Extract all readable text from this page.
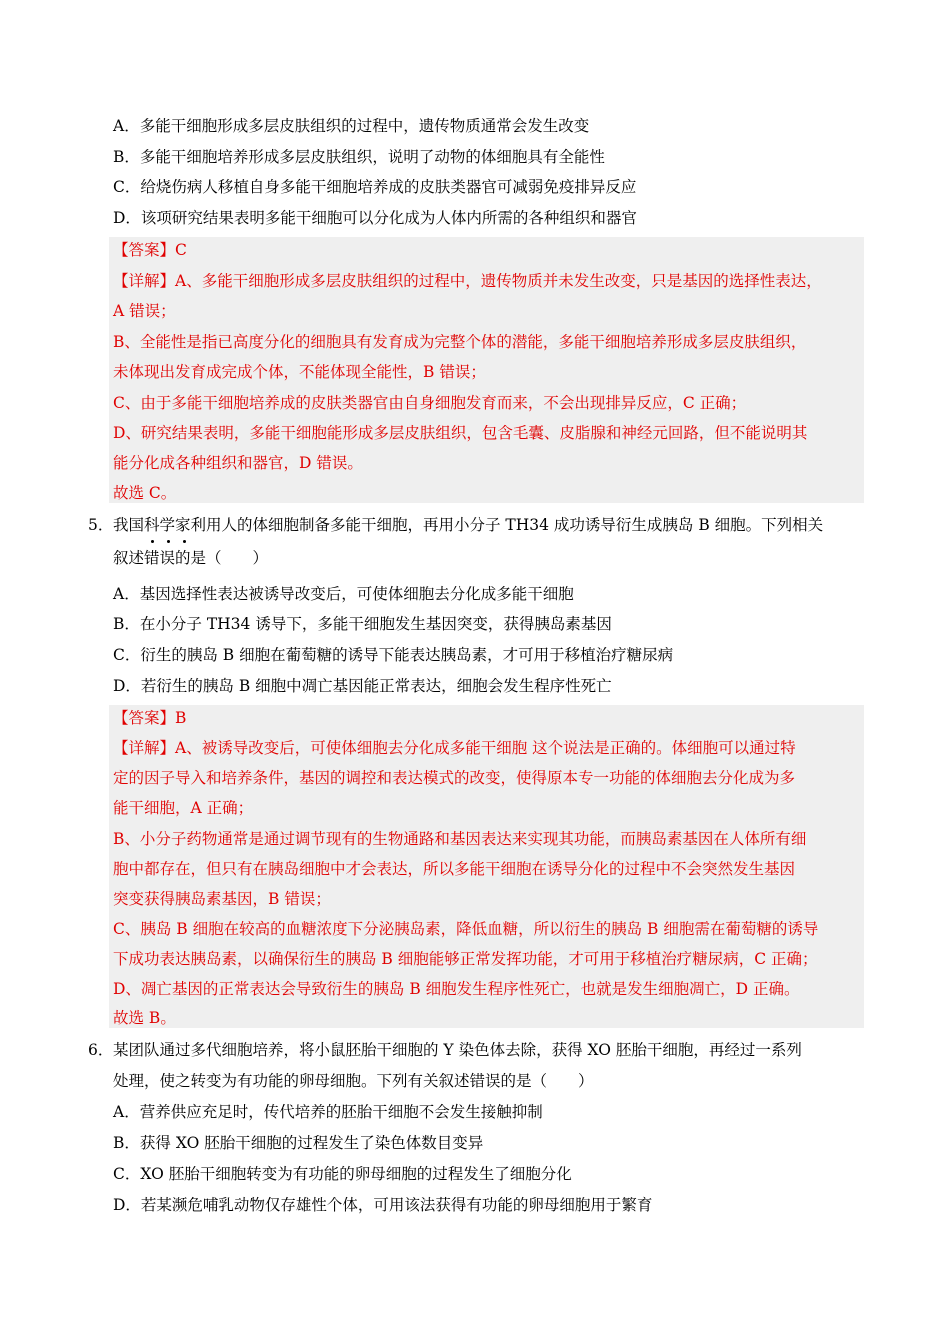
A．多能干细胞形成多层皮肤组织的过程中，遗传物质通常会发生改变
B．多能干细胞培养形成多层皮肤组织，说明了动物的体细胞具有全能性
C．给烧伤病人移植自身多能干细胞培养成的皮肤类器官可减弱免疫排异反应
D．该项研究结果表明多能干细胞可以分化成为人体内所需的各种组织和器官
【答案】C
【详解】A、多能干细胞形成多层皮肤组织的过程中，遗传物质并未发生改变，只是基因的选择性表达，
A 错误；
B、全能性是指已高度分化的细胞具有发育成为完整个体的潜能，多能干细胞培养形成多层皮肤组织，
未体现出发育成完成个体，不能体现全能性，B 错误；
C、由于多能干细胞培养成的皮肤类器官由自身细胞发育而来，不会出现排异反应，C 正确；
D、研究结果表明，多能干细胞能形成多层皮肤组织，包含毛囊、皮脂腺和神经元回路，但不能说明其
能分化成各种组织和器官，D 错误。
故选 C。
5． 我国科学家利用人的体细胞制备多能干细胞，再用小分子 TH34 成功诱导衍生成胰岛 B 细胞。下列相关
叙述错误的是（　　）
A．基因选择性表达被诱导改变后，可使体细胞去分化成多能干细胞
B．在小分子 TH34 诱导下，多能干细胞发生基因突变，获得胰岛素基因
C．衍生的胰岛 B 细胞在葡萄糖的诱导下能表达胰岛素，才可用于移植治疗糖尿病
D．若衍生的胰岛 B 细胞中凋亡基因能正常表达，细胞会发生程序性死亡
【答案】B
【详解】A、被诱导改变后，可使体细胞去分化成多能干细胞 这个说法是正确的。体细胞可以通过特
定的因子导入和培养条件，基因的调控和表达模式的改变，使得原本专一功能的体细胞去分化成为多
能干细胞，A 正确；
B、小分子药物通常是通过调节现有的生物通路和基因表达来实现其功能，而胰岛素基因在人体所有细
胞中都存在，但只有在胰岛细胞中才会表达，所以多能干细胞在诱导分化的过程中不会突然发生基因
突变获得胰岛素基因，B 错误；
C、胰岛 B 细胞在较高的血糖浓度下分泌胰岛素，降低血糖，所以衍生的胰岛 B 细胞需在葡萄糖的诱导
下成功表达胰岛素，以确保衍生的胰岛 B 细胞能够正常发挥功能，才可用于移植治疗糖尿病，C 正确；
D、凋亡基因的正常表达会导致衍生的胰岛 B 细胞发生程序性死亡，也就是发生细胞凋亡，D 正确。
故选 B。
6． 某团队通过多代细胞培养，将小鼠胚胎干细胞的 Y 染色体去除，获得 XO 胚胎干细胞，再经过一系列
处理，使之转变为有功能的卵母细胞。下列有关叙述错误的是（　　）
A．营养供应充足时，传代培养的胚胎干细胞不会发生接触抑制
B．获得 XO 胚胎干细胞的过程发生了染色体数目变异
C．XO 胚胎干细胞转变为有功能的卵母细胞的过程发生了细胞分化
D．若某濒危哺乳动物仅存雄性个体，可用该法获得有功能的卵母细胞用于繁育
